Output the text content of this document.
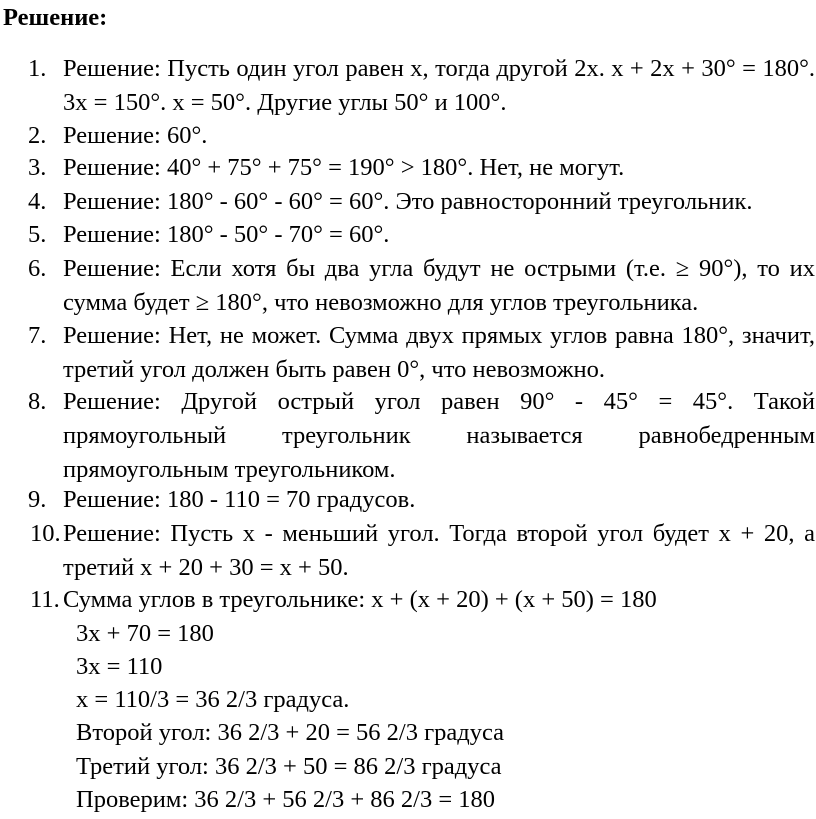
Решение:
1. Решение: Пусть один угол равен х, тогда другой 2х. х + 2х + 30° = 180°. 3х = 150°. х = 50°. Другие углы 50° и 100°.
2. Решение: 60°.
3. Решение: 40° + 75° + 75° = 190° > 180°. Нет, не могут.
4. Решение: 180° - 60° - 60° = 60°. Это равносторонний треугольник.
5. Решение: 180° - 50° - 70° = 60°.
6. Решение: Если хотя бы два угла будут не острыми (т.е. ≥ 90°), то их сумма будет ≥ 180°, что невозможно для углов треугольника.
7. Решение: Нет, не может. Сумма двух прямых углов равна 180°, значит, третий угол должен быть равен 0°, что невозможно.
8. Решение: Другой острый угол равен 90° - 45° = 45°. Такой прямоугольный треугольник называется равнобедренным прямоугольным треугольником.
9. Решение: 180 - 110 = 70 градусов.
10. Решение: Пусть х - меньший угол. Тогда второй угол будет х + 20, а третий х + 20 + 30 = х + 50.
11. Сумма углов в треугольнике: х + (х + 20) + (х + 50) = 180
3х + 70 = 180
3х = 110
х = 110/3 = 36 2/3 градуса.
Второй угол: 36 2/3 + 20 = 56 2/3 градуса
Третий угол: 36 2/3 + 50 = 86 2/3 градуса
Проверим: 36 2/3 + 56 2/3 + 86 2/3 = 180
